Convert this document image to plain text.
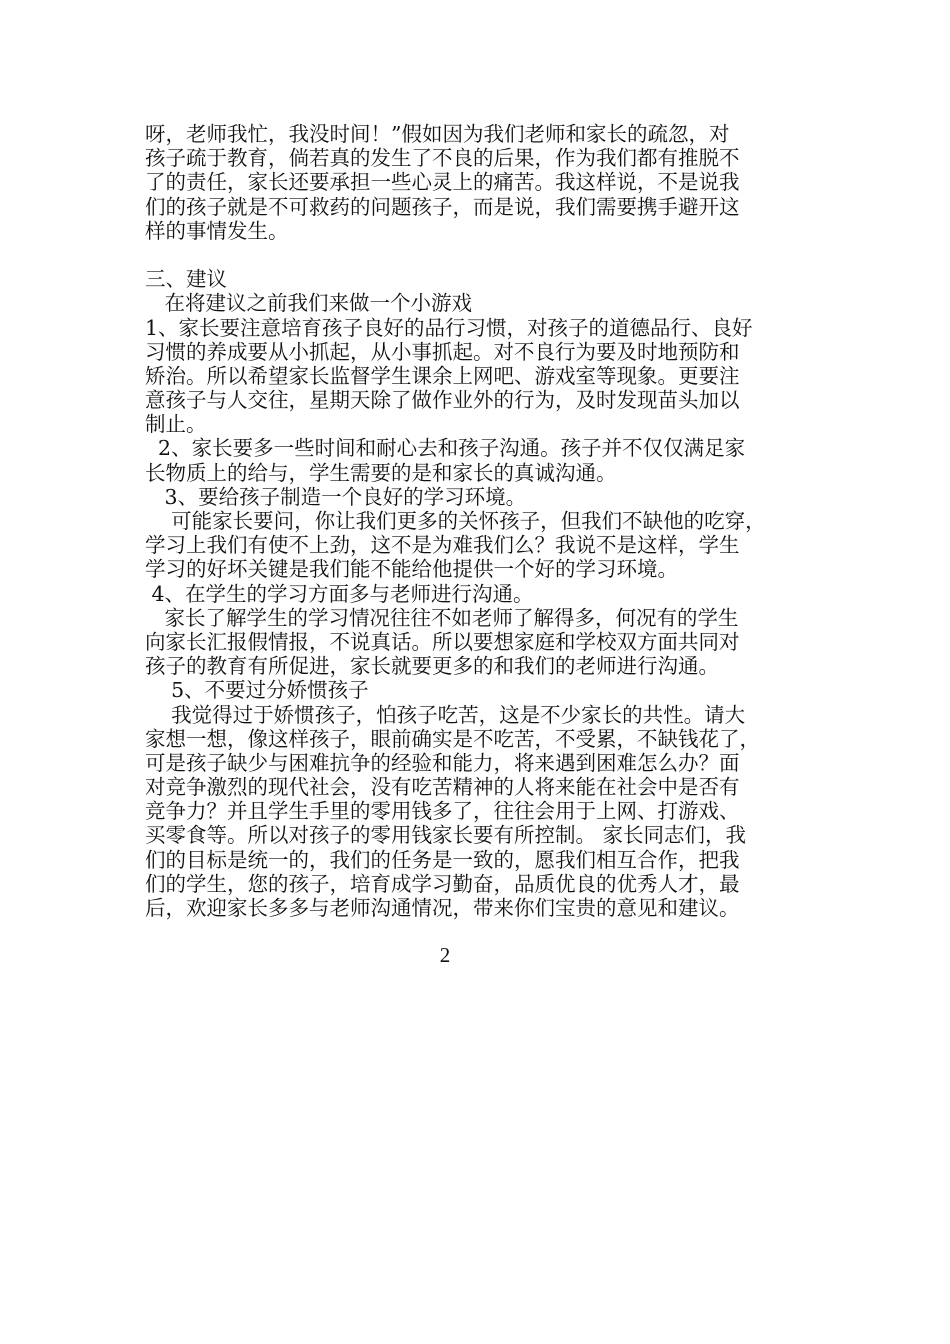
呀，老师我忙，我没时间！”假如因为我们老师和家长的疏忽，对
孩子疏于教育，倘若真的发生了不良的后果，作为我们都有推脱不
了的责任，家长还要承担一些心灵上的痛苦。我这样说，不是说我
们的孩子就是不可救药的问题孩子，而是说，我们需要携手避开这
样的事情发生。
三、建议
在将建议之前我们来做一个小游戏
1、家长要注意培育孩子良好的品行习惯，对孩子的道德品行、良好
习惯的养成要从小抓起，从小事抓起。对不良行为要及时地预防和
矫治。所以希望家长监督学生课余上网吧、游戏室等现象。更要注
意孩子与人交往，星期天除了做作业外的行为，及时发现苗头加以
制止。
2、家长要多一些时间和耐心去和孩子沟通。孩子并不仅仅满足家
长物质上的给与，学生需要的是和家长的真诚沟通。
3、要给孩子制造一个良好的学习环境。
可能家长要问，你让我们更多的关怀孩子，但我们不缺他的吃穿，
学习上我们有使不上劲，这不是为难我们么？我说不是这样，学生
学习的好坏关键是我们能不能给他提供一个好的学习环境。
4、在学生的学习方面多与老师进行沟通。
家长了解学生的学习情况往往不如老师了解得多，何况有的学生
向家长汇报假情报，不说真话。所以要想家庭和学校双方面共同对
孩子的教育有所促进，家长就要更多的和我们的老师进行沟通。
5、不要过分娇惯孩子
我觉得过于娇惯孩子，怕孩子吃苦，这是不少家长的共性。请大
家想一想，像这样孩子，眼前确实是不吃苦，不受累，不缺钱花了，
可是孩子缺少与困难抗争的经验和能力，将来遇到困难怎么办？面
对竞争激烈的现代社会，没有吃苦精神的人将来能在社会中是否有
竞争力？并且学生手里的零用钱多了，往往会用于上网、打游戏、
买零食等。所以对孩子的零用钱家长要有所控制。 家长同志们，我
们的目标是统一的，我们的任务是一致的，愿我们相互合作，把我
们的学生，您的孩子，培育成学习勤奋，品质优良的优秀人才，最
后，欢迎家长多多与老师沟通情况，带来你们宝贵的意见和建议。
2
